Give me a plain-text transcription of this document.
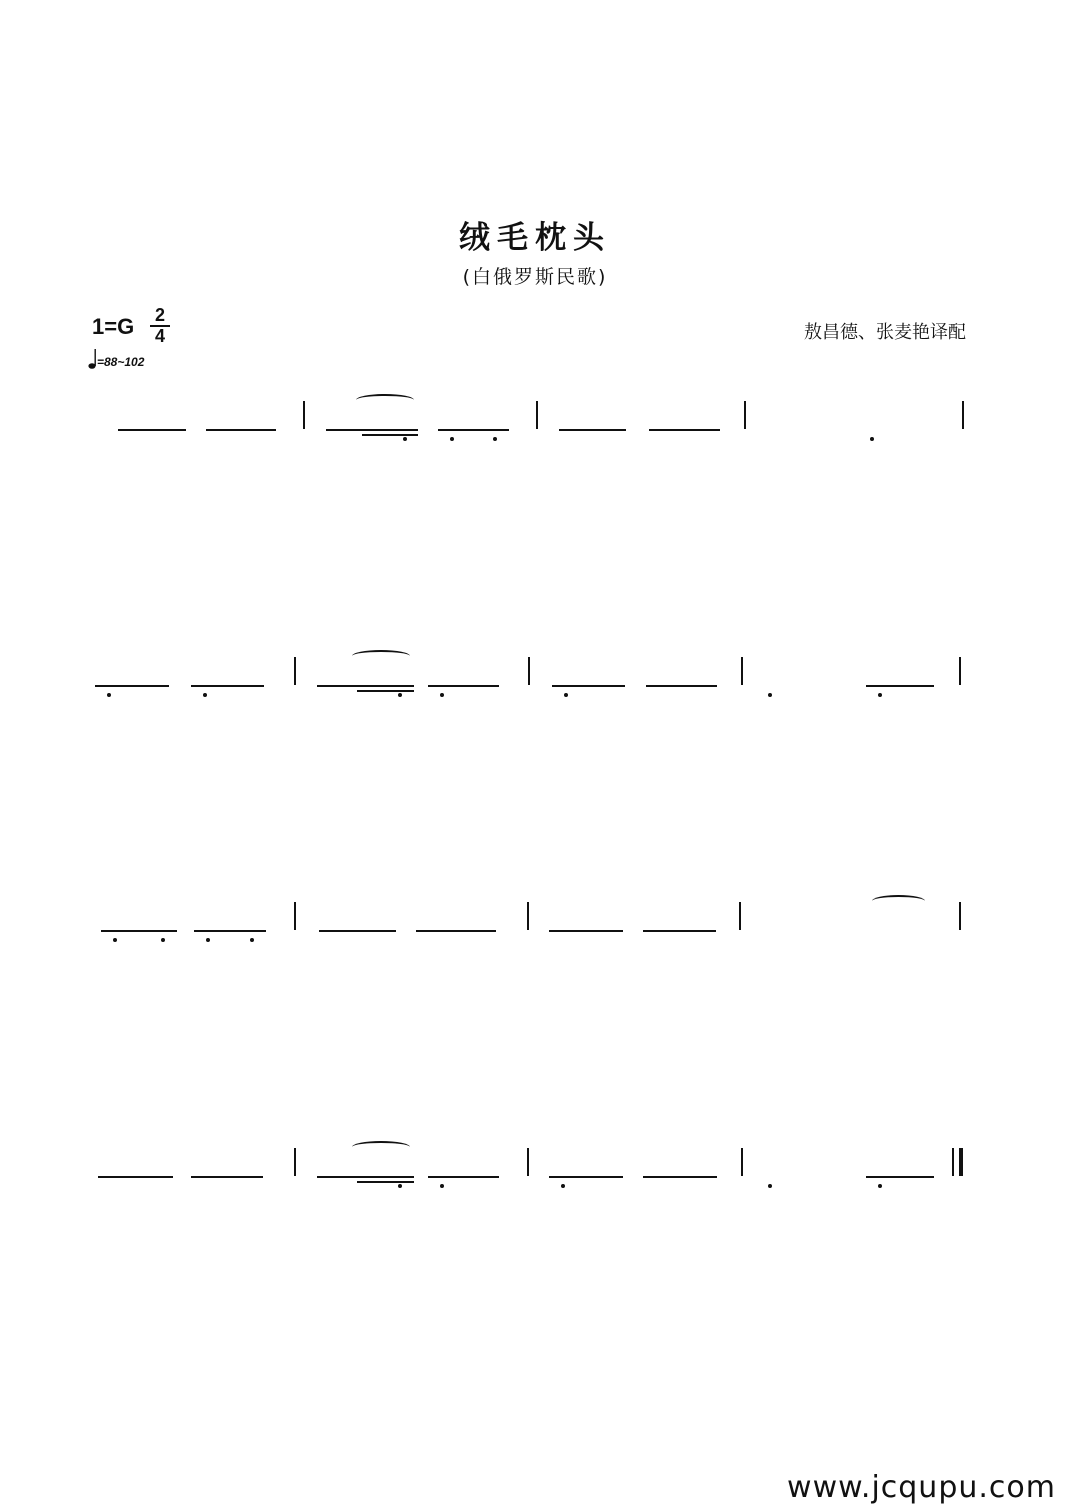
绒毛枕头
(白俄罗斯民歌)
1=G 2
4
=88~102
敖昌德、张麦艳译配
www.jcqupu.com
